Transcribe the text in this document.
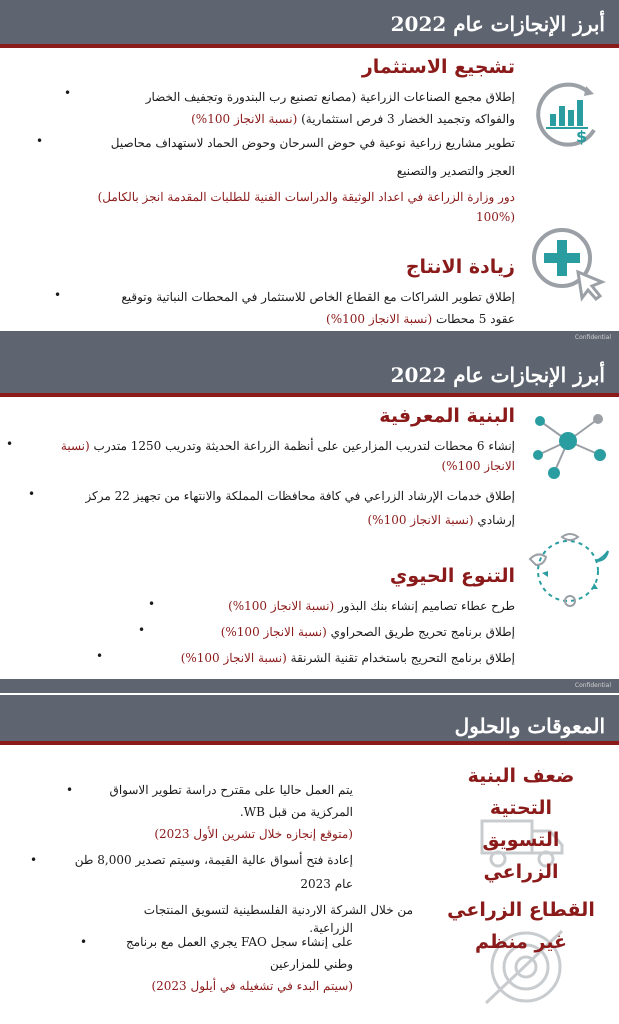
أبرز الإنجازات عام 2022
$
تشجيع الاستثمار
•	إطلاق مجمع الصناعات الزراعية (مصانع تصنيع رب البندورة وتجفيف الخضار
والفواكه وتجميد الخضار 3 فرص استثمارية) (نسبة الانجاز 100%)
•	تطوير مشاريع زراعية نوعية في حوض السرحان وحوض الحماد لاستهداف محاصيل
العجز والتصدير والتصنيع
دور وزارة الزراعة في اعداد الوثيقة والدراسات الفنية للطلبات المقدمة انجز بالكامل)
(100%
زيادة الانتاج
•	إطلاق تطوير الشراكات مع القطاع الخاص للاستثمار في المحطات النباتية وتوقيع
عقود 5 محطات (نسبة الانجاز 100%)
Confidential
أبرز الإنجازات عام 2022
البنية المعرفية
•	إنشاء 6 محطات لتدريب المزارعين على أنظمة الزراعة الحديثة وتدريب 1250 متدرب (نسبة
الانجاز 100%)
•	إطلاق خدمات الإرشاد الزراعي في كافة محافظات المملكة والانتهاء من تجهيز 22 مركز
إرشادي (نسبة الانجاز 100%)
التنوع الحيوي
•	طرح عطاء تصاميم إنشاء بنك البذور (نسبة الانجاز 100%)
•	إطلاق برنامج تحريج طريق الصحراوي (نسبة الانجاز 100%)
•	إطلاق برنامج التحريج باستخدام تقنية الشرنقة (نسبة الانجاز 100%)
Confidential
المعوقات والحلول
ضعف البنية
التحتية
التسويق
الزراعي
القطاع الزراعي
غير منظم
•	يتم العمل حاليا على مقترح دراسة تطوير الاسواق
المركزية من قبل WB.
(متوقع إنجازه خلال تشرين الأول 2023)
•	إعادة فتح أسواق عالية القيمة، وسيتم تصدير 8,000 طن
عام 2023
من خلال الشركة الاردنية الفلسطينية لتسويق المنتجات
الزراعية.
•	على إنشاء سجل FAO يجري العمل مع برنامج
وطني للمزارعين
(سيتم البدء في تشغيله في أيلول 2023)
